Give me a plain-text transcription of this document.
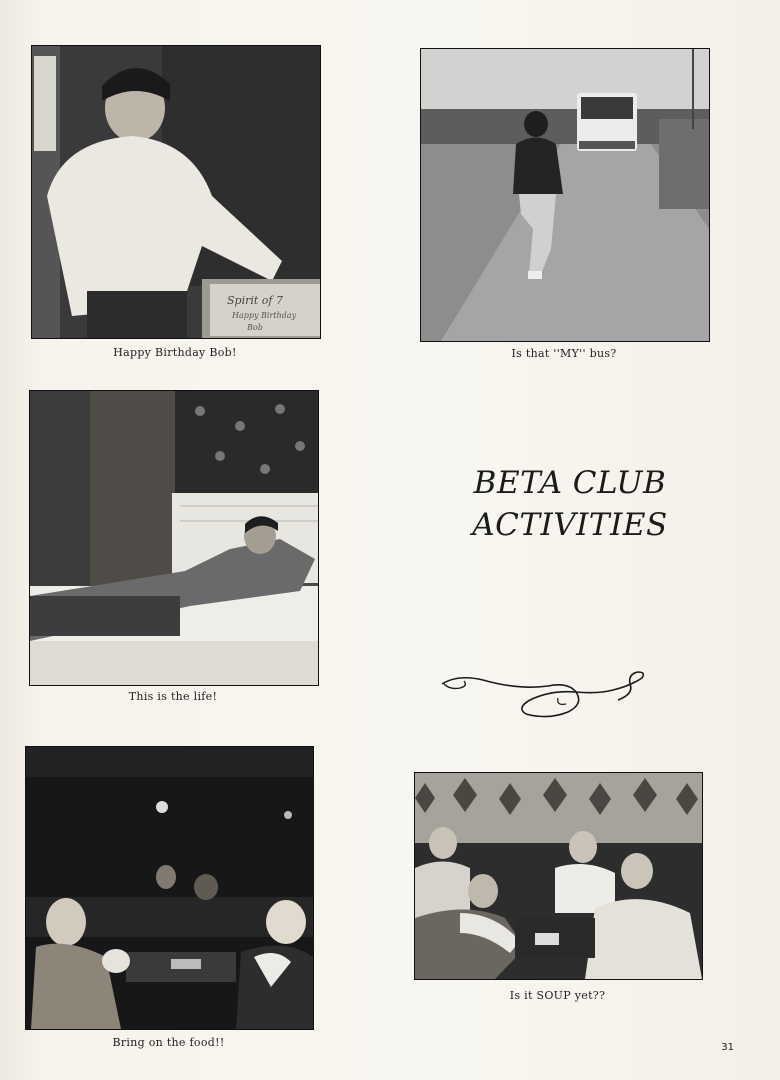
Spirit of 7
Happy Birthday
Bob
Happy Birthday Bob!	Is that ''MY'' bus?
This is the life!
BETA CLUB
ACTIVITIES
Bring on the food!!
Is it SOUP yet??
31
